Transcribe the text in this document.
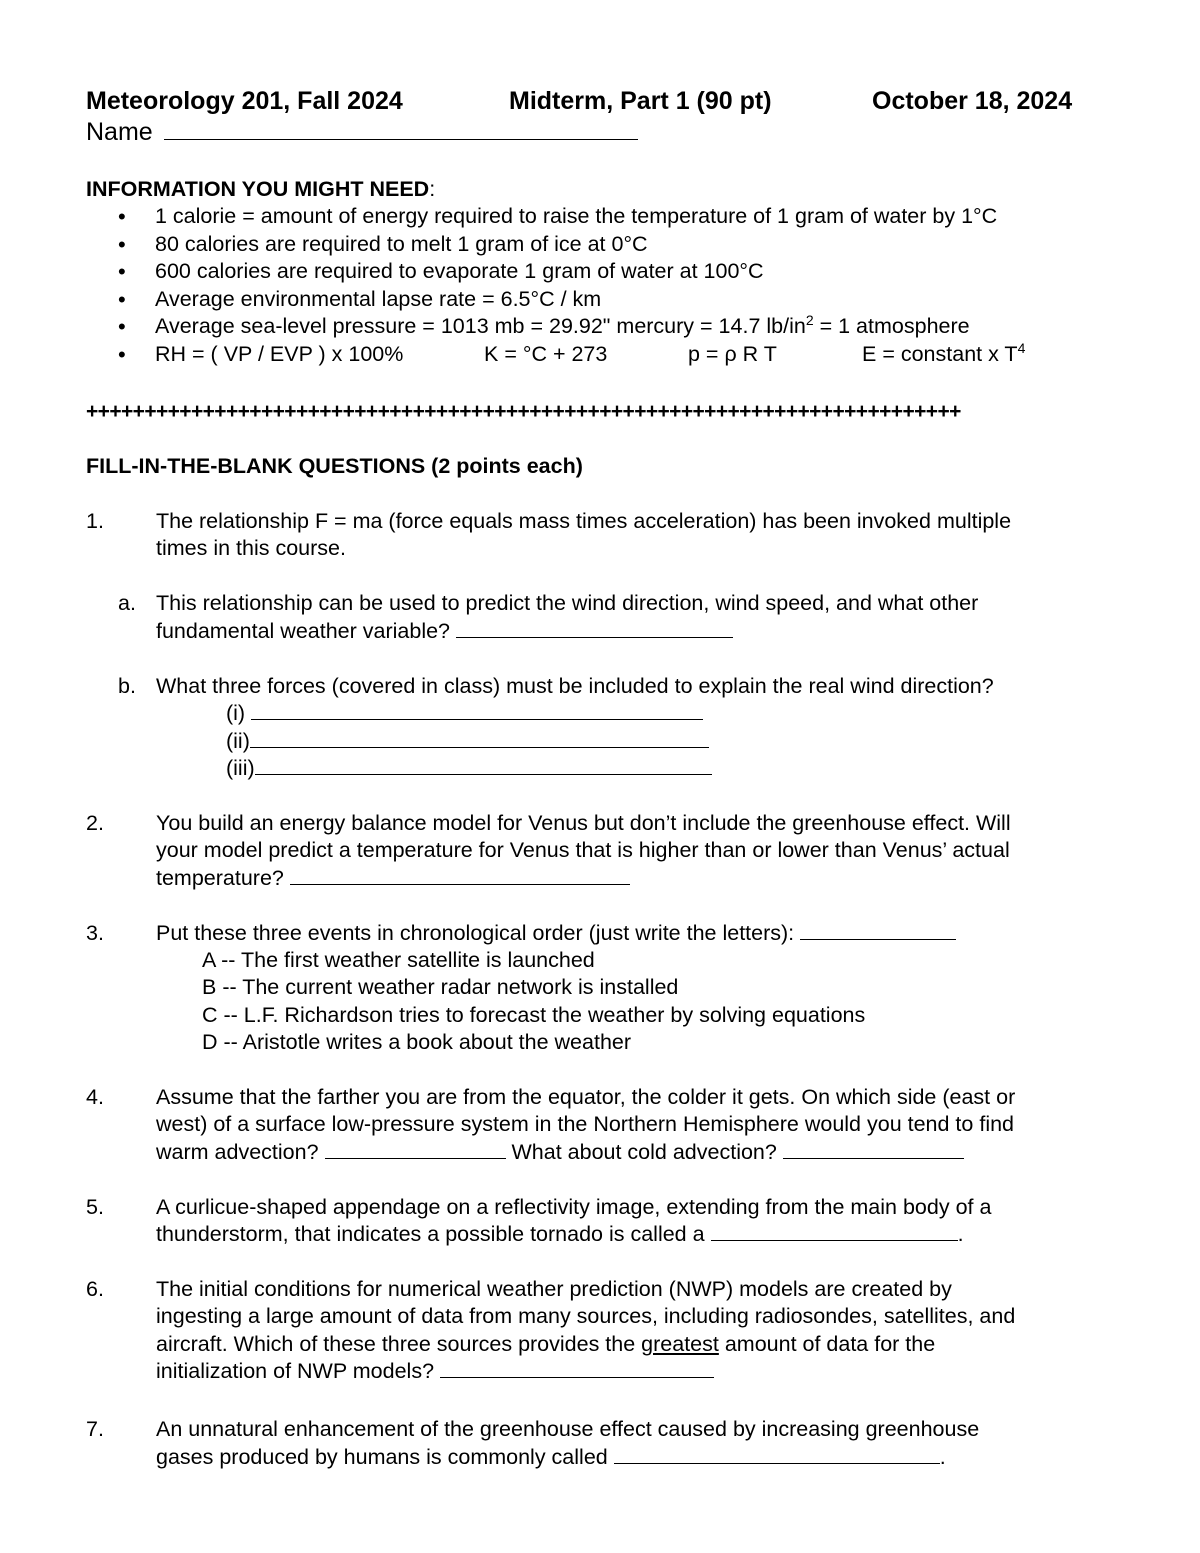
Meteorology 201, Fall 2024	Midterm, Part 1 (90 pt)	October 18, 2024
Name
INFORMATION YOU MIGHT NEED:
• 1 calorie = amount of energy required to raise the temperature of 1 gram of water by 1°C
• 80 calories are required to melt 1 gram of ice at 0°C
• 600 calories are required to evaporate 1 gram of water at 100°C
• Average environmental lapse rate = 6.5°C / km
• Average sea-level pressure = 1013 mb = 29.92" mercury = 14.7 $lb/in^2 = 1$ atmosphere
• RH = ( VP / EVP ) x 100%	K = °C + 273	p = ρ R T	E = constant x $T^4$
+++++++++++++++++++++++++++++++++++++++++++++++++++++++++++++++++++++++++++
FILL-IN-THE-BLANK QUESTIONS (2 points each)
1. The relationship F = ma (force equals mass times acceleration) has been invoked multiple
times in this course.
a. This relationship can be used to predict the wind direction, wind speed, and what other
fundamental weather variable?
b. What three forces (covered in class) must be included to explain the real wind direction?
(i)
(ii)
(iii)
2. You build an energy balance model for Venus but don’t include the greenhouse effect. Will
your model predict a temperature for Venus that is higher than or lower than Venus’ actual
temperature?
3. Put these three events in chronological order (just write the letters):
A -- The first weather satellite is launched
B -- The current weather radar network is installed
C -- L.F. Richardson tries to forecast the weather by solving equations
D -- Aristotle writes a book about the weather
4. Assume that the farther you are from the equator, the colder it gets. On which side (east or
west) of a surface low-pressure system in the Northern Hemisphere would you tend to find
warm advection?	What about cold advection?
5. A curlicue-shaped appendage on a reflectivity image, extending from the main body of a
thunderstorm, that indicates a possible tornado is called a	.
6. The initial conditions for numerical weather prediction (NWP) models are created by
ingesting a large amount of data from many sources, including radiosondes, satellites, and
aircraft. Which of these three sources provides the greatest amount of data for the
initialization of NWP models?
7. An unnatural enhancement of the greenhouse effect caused by increasing greenhouse
gases produced by humans is commonly called	.
